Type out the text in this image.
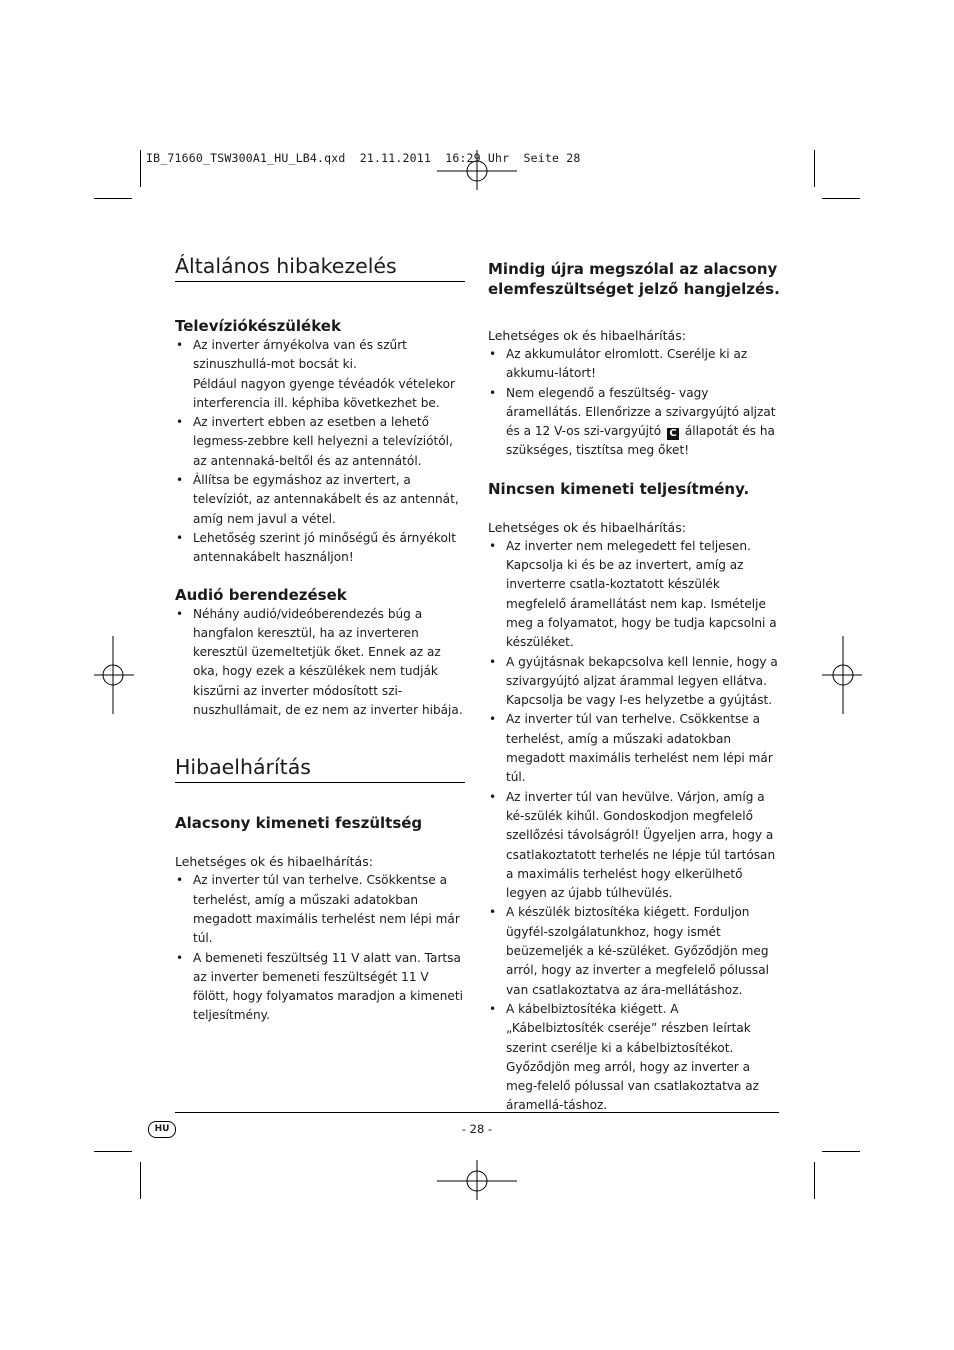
IB_71660_TSW300A1_HU_LB4.qxd  21.11.2011  16:29 Uhr  Seite 28
Általános hibakezelés
Televíziókészülékek
• Az inverter árnyékolva van és szűrt szinuszhullá-mot bocsát ki.
Például nagyon gyenge tévéadók vételekor interferencia ill. képhiba következhet be.
• Az invertert ebben az esetben a lehető legmess-zebbre kell helyezni a televíziótól, az antennaká-beltől és az antennától.
• Állítsa be egymáshoz az invertert, a televíziót, az antennakábelt és az antennát, amíg nem javul a vétel.
• Lehetőség szerint jó minőségű és árnyékolt antennakábelt használjon!
Audió berendezések
• Néhány audió/videóberendezés búg a hangfalon keresztül, ha az inverteren keresztül üzemeltetjük őket. Ennek az az oka, hogy ezek a készülékek nem tudják kiszűrni az inverter módosított szi-nuszhullámait, de ez nem az inverter hibája.
Hibaelhárítás
Alacsony kimeneti feszültség

Lehetséges ok és hibaelhárítás:

• Az inverter túl van terhelve. Csökkentse a terhelést, amíg a műszaki adatokban megadott maximális terhelést nem lépi már túl.
• A bemeneti feszültség 11 V alatt van. Tartsa az inverter bemeneti feszültségét 11 V fölött, hogy folyamatos maradjon a kimeneti teljesítmény.
Mindig újra megszólal az alacsony elemfeszültséget jelző hangjelzés.

Lehetséges ok és hibaelhárítás:

• Az akkumulátor elromlott. Cserélje ki az akkumu-látort!
• Nem elegendő a feszültség- vagy áramellátás. Ellenőrizze a szivargyújtó aljzat és a 12 V-os szi-vargyújtó C állapotát és ha szükséges, tisztítsa meg őket!
Nincsen kimeneti teljesítmény.

Lehetséges ok és hibaelhárítás:

• Az inverter nem melegedett fel teljesen. Kapcsolja ki és be az invertert, amíg az inverterre csatla-koztatott készülék megfelelő áramellátást nem kap. Ismételje meg a folyamatot, hogy be tudja kapcsolni a készüléket.
• A gyújtásnak bekapcsolva kell lennie, hogy a szivargyújtó aljzat árammal legyen ellátva. Kapcsolja be vagy I-es helyzetbe a gyújtást.
• Az inverter túl van terhelve. Csökkentse a terhelést, amíg a műszaki adatokban megadott maximális terhelést nem lépi már túl.
• Az inverter túl van hevülve. Várjon, amíg a ké-szülék kihűl. Gondoskodjon megfelelő szellőzési távolságról! Ügyeljen arra, hogy a csatlakoztatott terhelés ne lépje túl tartósan a maximális terhelést hogy elkerülhető legyen az újabb túlhevülés.
• A készülék biztosítéka kiégett. Forduljon ügyfél-szolgálatunkhoz, hogy ismét beüzemeljék a ké-szüléket. Győződjön meg arról, hogy az inverter a megfelelő pólussal van csatlakoztatva az ára-mellátáshoz.
• A kábelbiztosítéka kiégett. A „Kábelbiztosíték cseréje” részben leírtak szerint cserélje ki a kábelbiztosítékot.
Győződjön meg arról, hogy az inverter a meg-felelő pólussal van csatlakoztatva az áramellá-táshoz.
HU	- 28 -
